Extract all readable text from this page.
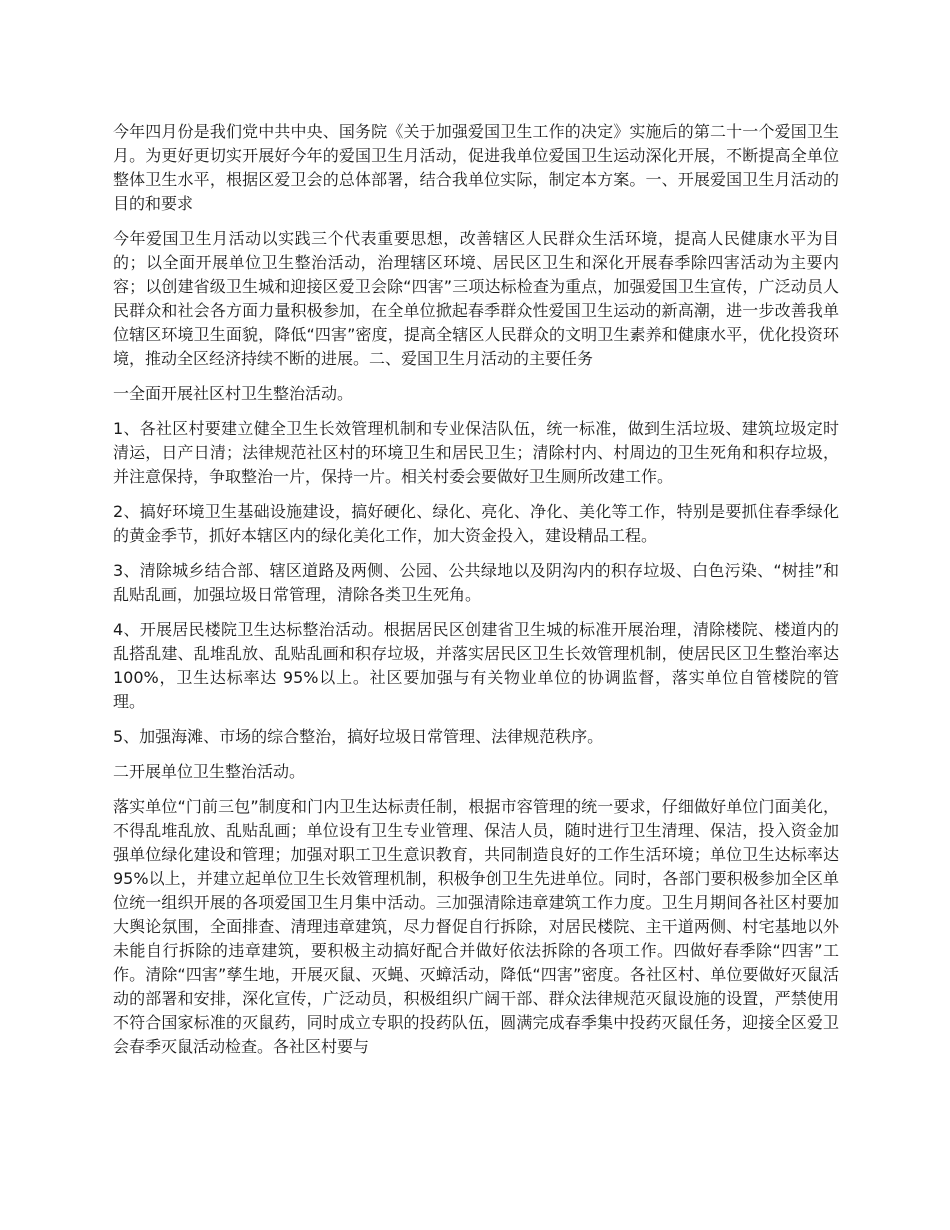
今年四月份是我们党中共中央、国务院《关于加强爱国卫生工作的决定》实施后的第二十一个爱国卫生月。为更好更切实开展好今年的爱国卫生月活动，促进我单位爱国卫生运动深化开展，不断提高全单位整体卫生水平，根据区爱卫会的总体部署，结合我单位实际，制定本方案。一、开展爱国卫生月活动的目的和要求

今年爱国卫生月活动以实践三个代表重要思想，改善辖区人民群众生活环境，提高人民健康水平为目的；以全面开展单位卫生整治活动，治理辖区环境、居民区卫生和深化开展春季除四害活动为主要内容；以创建省级卫生城和迎接区爱卫会除“四害”三项达标检查为重点，加强爱国卫生宣传，广泛动员人民群众和社会各方面力量积极参加，在全单位掀起春季群众性爱国卫生运动的新高潮，进一步改善我单位辖区环境卫生面貌，降低“四害”密度，提高全辖区人民群众的文明卫生素养和健康水平，优化投资环境，推动全区经济持续不断的进展。二、爱国卫生月活动的主要任务

一全面开展社区村卫生整治活动。

1、各社区村要建立健全卫生长效管理机制和专业保洁队伍，统一标准，做到生活垃圾、建筑垃圾定时清运，日产日清；法律规范社区村的环境卫生和居民卫生；清除村内、村周边的卫生死角和积存垃圾，并注意保持，争取整治一片，保持一片。相关村委会要做好卫生厕所改建工作。

2、搞好环境卫生基础设施建设，搞好硬化、绿化、亮化、净化、美化等工作，特别是要抓住春季绿化的黄金季节，抓好本辖区内的绿化美化工作，加大资金投入，建设精品工程。

3、清除城乡结合部、辖区道路及两侧、公园、公共绿地以及阴沟内的积存垃圾、白色污染、“树挂”和乱贴乱画，加强垃圾日常管理，清除各类卫生死角。

4、开展居民楼院卫生达标整治活动。根据居民区创建省卫生城的标准开展治理，清除楼院、楼道内的乱搭乱建、乱堆乱放、乱贴乱画和积存垃圾，并落实居民区卫生长效管理机制，使居民区卫生整治率达 100%，卫生达标率达 95%以上。社区要加强与有关物业单位的协调监督，落实单位自管楼院的管理。

5、加强海滩、市场的综合整治，搞好垃圾日常管理、法律规范秩序。

二开展单位卫生整治活动。

落实单位“门前三包”制度和门内卫生达标责任制，根据市容管理的统一要求，仔细做好单位门面美化，不得乱堆乱放、乱贴乱画；单位设有卫生专业管理、保洁人员，随时进行卫生清理、保洁，投入资金加强单位绿化建设和管理；加强对职工卫生意识教育，共同制造良好的工作生活环境；单位卫生达标率达 95%以上，并建立起单位卫生长效管理机制，积极争创卫生先进单位。同时，各部门要积极参加全区单位统一组织开展的各项爱国卫生月集中活动。三加强清除违章建筑工作力度。卫生月期间各社区村要加大舆论氛围，全面排查、清理违章建筑，尽力督促自行拆除，对居民楼院、主干道两侧、村宅基地以外未能自行拆除的违章建筑，要积极主动搞好配合并做好依法拆除的各项工作。四做好春季除“四害”工作。清除“四害”孳生地，开展灭鼠、灭蝇、灭蟑活动，降低“四害”密度。各社区村、单位要做好灭鼠活动的部署和安排，深化宣传，广泛动员，积极组织广阔干部、群众法律规范灭鼠设施的设置，严禁使用不符合国家标准的灭鼠药，同时成立专职的投药队伍，圆满完成春季集中投药灭鼠任务，迎接全区爱卫会春季灭鼠活动检查。各社区村要与
